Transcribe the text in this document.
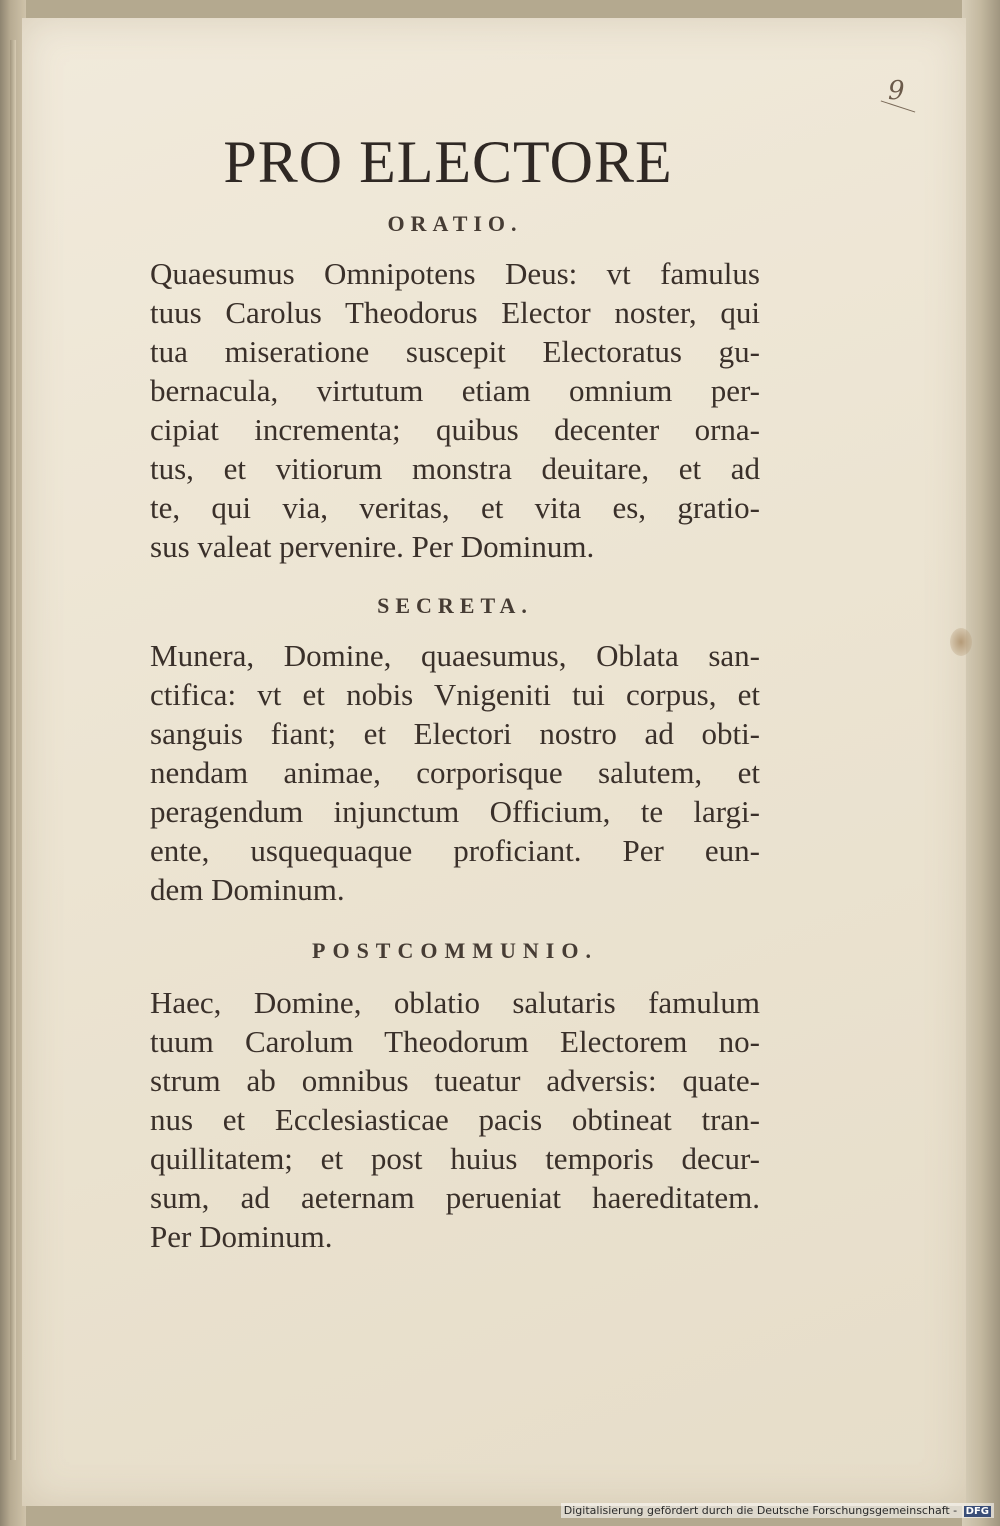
9
PRO ELECTORE
ORATIO.

Quaesumus Omnipotens Deus: vt famulus
tuus Carolus Theodorus Elector noster, qui
tua miseratione suscepit Electoratus gu-
bernacula, virtutum etiam omnium per-
cipiat incrementa; quibus decenter orna-
tus, et vitiorum monstra deuitare, et ad
te, qui via, veritas, et vita es, gratio-
sus valeat pervenire. Per Dominum.

SECRETA.

Munera, Domine, quaesumus, Oblata san-
ctifica: vt et nobis Vnigeniti tui corpus, et
sanguis fiant; et Electori nostro ad obti-
nendam animae, corporisque salutem, et
peragendum injunctum Officium, te largi-
ente, usquequaque proficiant. Per eun-
dem Dominum.

POSTCOMMUNIO.

Haec, Domine, oblatio salutaris famulum
tuum Carolum Theodorum Electorem no-
strum ab omnibus tueatur adversis: quate-
nus et Ecclesiasticae pacis obtineat tran-
quillitatem; et post huius temporis decur-
sum, ad aeternam perueniat haereditatem.
Per Dominum.

Digitalisierung gefördert durch die Deutsche Forschungsgemeinschaft - DFG
